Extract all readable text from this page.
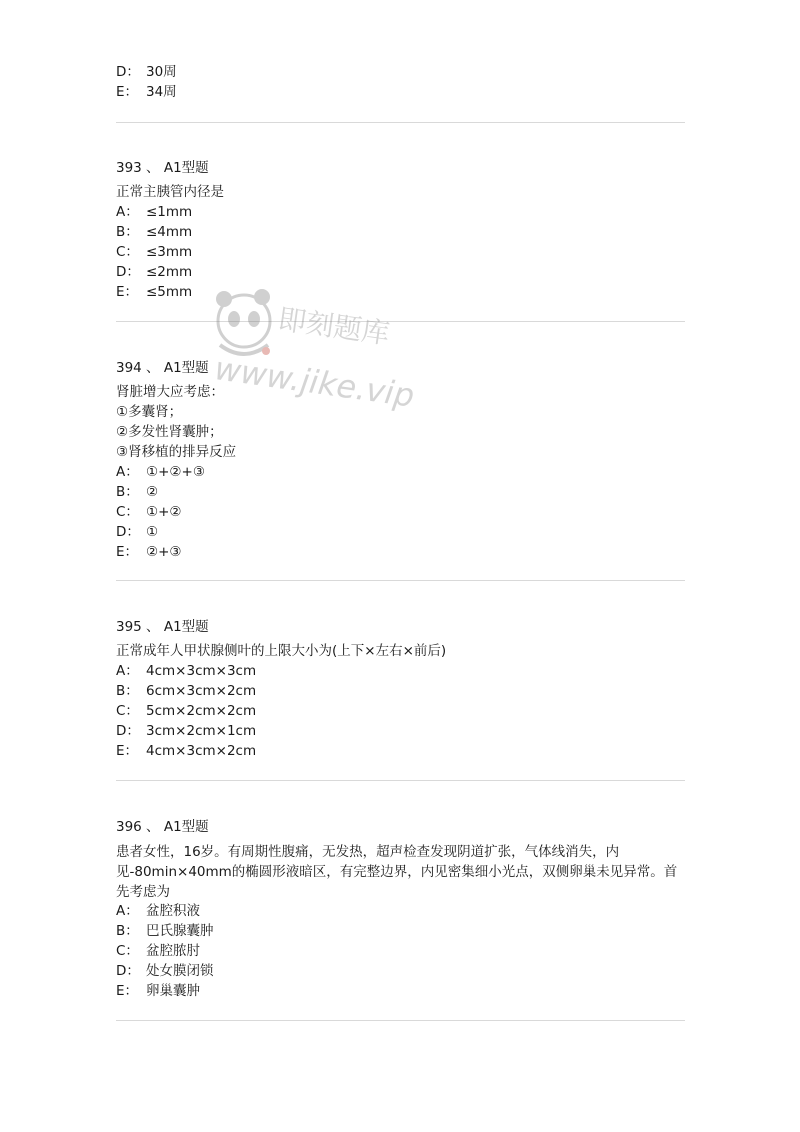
D： 30周
E： 34周
393 、 A1型题
正常主胰管内径是
A： ≤1mm
B： ≤4mm
C： ≤3mm
D： ≤2mm
E： ≤5mm
394 、 A1型题
肾脏增大应考虑：
①多囊肾；
②多发性肾囊肿；
③肾移植的排异反应
A： ①+②+③
B： ②
C： ①+②
D： ①
E： ②+③
395 、 A1型题
正常成年人甲状腺侧叶的上限大小为(上下×左右×前后)
A： 4cm×3cm×3cm
B： 6cm×3cm×2cm
C： 5cm×2cm×2cm
D： 3cm×2cm×1cm
E： 4cm×3cm×2cm
396 、 A1型题
患者女性，16岁。有周期性腹痛，无发热，超声检查发现阴道扩张，气体线消失，内见-80min×40mm的椭圆形液暗区，有完整边界，内见密集细小光点，双侧卵巢未见异常。首先考虑为
A： 盆腔积液
B： 巴氏腺囊肿
C： 盆腔脓肘
D： 处女膜闭锁
E： 卵巢囊肿
即刻题库
www.jike.vip
